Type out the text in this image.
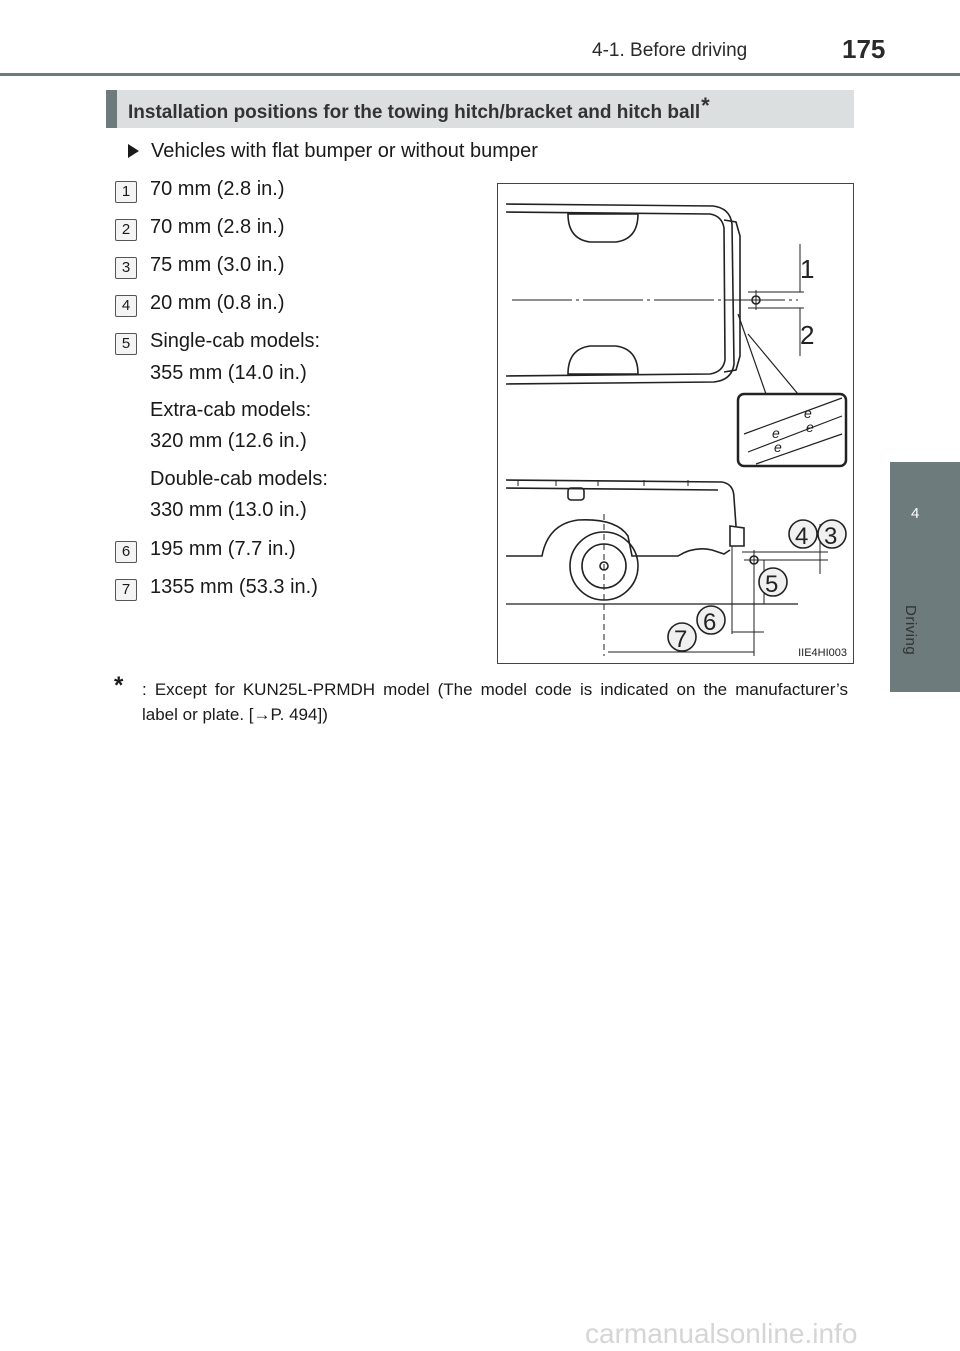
4-1. Before driving	175
4
Driving
Installation positions for the towing hitch/bracket and hitch ball*
Vehicles with flat bumper or without bumper
1 70 mm (2.8 in.)
2 70 mm (2.8 in.)
3 75 mm (3.0 in.)
4 20 mm (0.8 in.)
5 Single-cab models:
355 mm (14.0 in.)
Extra-cab models:
320 mm (12.6 in.)
Double-cab models:
330 mm (13.0 in.)
6 195 mm (7.7 in.)
7 1355 mm (53.3 in.)
1
2
e
e
e
e
4 3
5
6
7	IIE4HI003
*	: Except for KUN25L-PRMDH model (The model code is indicated on the manufacturer’s label or plate. [→P. 494])
carmanualsonline.info
